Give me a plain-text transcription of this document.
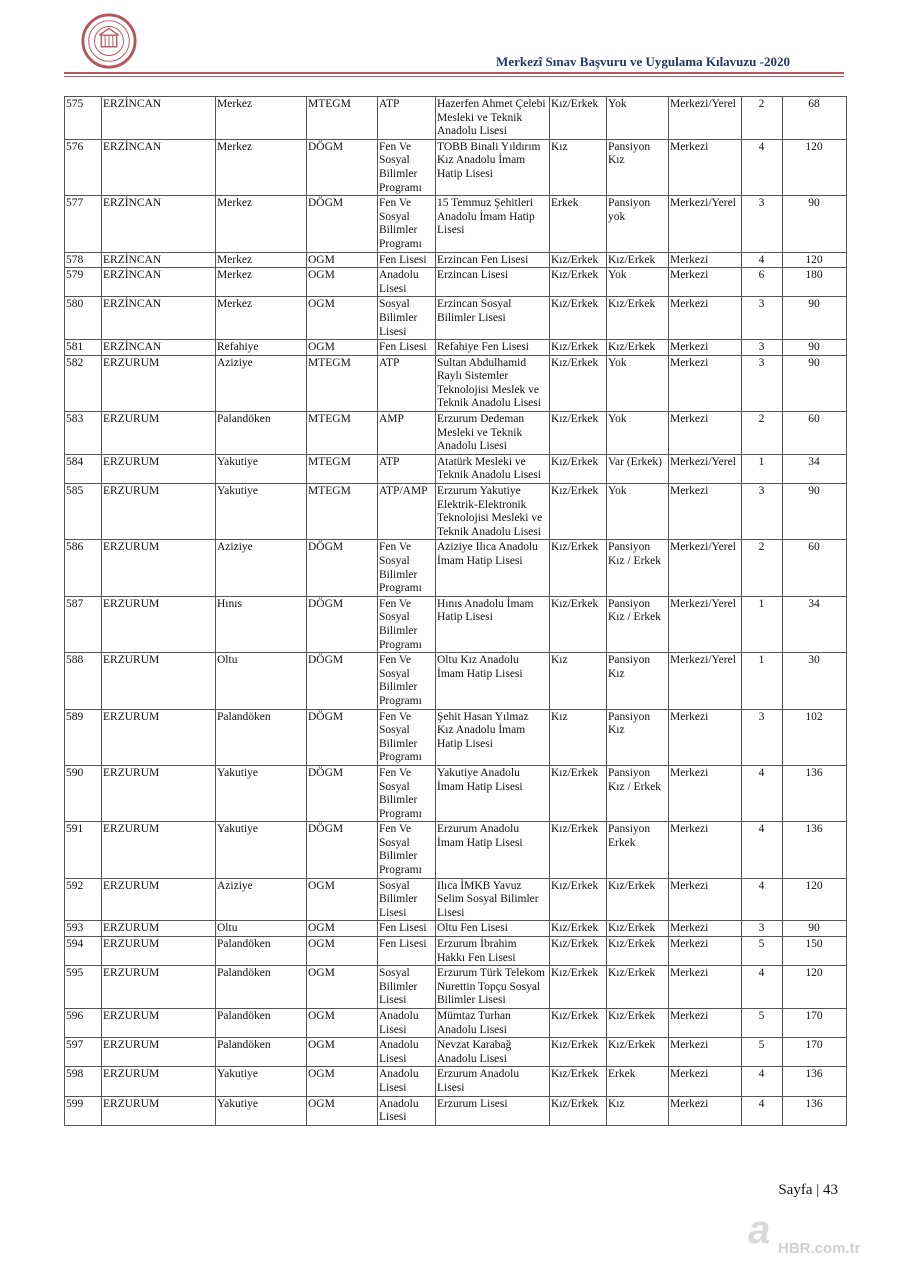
Merkezî Sınav Başvuru ve Uygulama Kılavuzu -2020
575	ERZİNCAN	Merkez	MTEGM	ATP	Hazerfen Ahmet Çelebi Mesleki ve Teknik Anadolu Lisesi	Kız/Erkek	Yok	Merkezi/Yerel	2	68
576	ERZİNCAN	Merkez	DÖGM	Fen Ve Sosyal Bilimler Programı	TOBB Binali Yıldırım Kız Anadolu İmam Hatip Lisesi	Kız	Pansiyon Kız	Merkezi	4	120
577	ERZİNCAN	Merkez	DÖGM	Fen Ve Sosyal Bilimler Programı	15 Temmuz Şehitleri Anadolu İmam Hatip Lisesi	Erkek	Pansiyon yok	Merkezi/Yerel	3	90
578	ERZİNCAN	Merkez	OGM	Fen Lisesi	Erzincan Fen Lisesi	Kız/Erkek	Kız/Erkek	Merkezi	4	120
579	ERZİNCAN	Merkez	OGM	Anadolu Lisesi	Erzincan Lisesi	Kız/Erkek	Yok	Merkezi	6	180
580	ERZİNCAN	Merkez	OGM	Sosyal Bilimler Lisesi	Erzincan Sosyal Bilimler Lisesi	Kız/Erkek	Kız/Erkek	Merkezi	3	90
581	ERZİNCAN	Refahiye	OGM	Fen Lisesi	Refahiye Fen Lisesi	Kız/Erkek	Kız/Erkek	Merkezi	3	90
582	ERZURUM	Aziziye	MTEGM	ATP	Sultan Abdulhamid Raylı Sistemler Teknolojisi Meslek ve Teknik Anadolu Lisesi	Kız/Erkek	Yok	Merkezi	3	90
583	ERZURUM	Palandöken	MTEGM	AMP	Erzurum Dedeman Mesleki ve Teknik Anadolu Lisesi	Kız/Erkek	Yok	Merkezi	2	60
584	ERZURUM	Yakutiye	MTEGM	ATP	Atatürk Mesleki ve Teknik Anadolu Lisesi	Kız/Erkek	Var (Erkek)	Merkezi/Yerel	1	34
585	ERZURUM	Yakutiye	MTEGM	ATP/AMP	Erzurum Yakutiye Elektrik-Elektronik Teknolojisi Mesleki ve Teknik Anadolu Lisesi	Kız/Erkek	Yok	Merkezi	3	90
586	ERZURUM	Aziziye	DÖGM	Fen Ve Sosyal Bilimler Programı	Aziziye Ilıca Anadolu İmam Hatip Lisesi	Kız/Erkek	Pansiyon Kız / Erkek	Merkezi/Yerel	2	60
587	ERZURUM	Hınıs	DÖGM	Fen Ve Sosyal Bilimler Programı	Hınıs Anadolu İmam Hatip Lisesi	Kız/Erkek	Pansiyon Kız / Erkek	Merkezi/Yerel	1	34
588	ERZURUM	Oltu	DÖGM	Fen Ve Sosyal Bilimler Programı	Oltu Kız Anadolu İmam Hatip Lisesi	Kız	Pansiyon Kız	Merkezi/Yerel	1	30
589	ERZURUM	Palandöken	DÖGM	Fen Ve Sosyal Bilimler Programı	Şehit Hasan Yılmaz Kız Anadolu İmam Hatip Lisesi	Kız	Pansiyon Kız	Merkezi	3	102
590	ERZURUM	Yakutiye	DÖGM	Fen Ve Sosyal Bilimler Programı	Yakutiye Anadolu İmam Hatip Lisesi	Kız/Erkek	Pansiyon Kız / Erkek	Merkezi	4	136
591	ERZURUM	Yakutiye	DÖGM	Fen Ve Sosyal Bilimler Programı	Erzurum Anadolu İmam Hatip Lisesi	Kız/Erkek	Pansiyon Erkek	Merkezi	4	136
592	ERZURUM	Aziziye	OGM	Sosyal Bilimler Lisesi	Ilıca İMKB Yavuz Selim Sosyal Bilimler Lisesi	Kız/Erkek	Kız/Erkek	Merkezi	4	120
593	ERZURUM	Oltu	OGM	Fen Lisesi	Oltu Fen Lisesi	Kız/Erkek	Kız/Erkek	Merkezi	3	90
594	ERZURUM	Palandöken	OGM	Fen Lisesi	Erzurum İbrahim Hakkı Fen Lisesi	Kız/Erkek	Kız/Erkek	Merkezi	5	150
595	ERZURUM	Palandöken	OGM	Sosyal Bilimler Lisesi	Erzurum Türk Telekom Nurettin Topçu Sosyal Bilimler Lisesi	Kız/Erkek	Kız/Erkek	Merkezi	4	120
596	ERZURUM	Palandöken	OGM	Anadolu Lisesi	Mümtaz Turhan Anadolu Lisesi	Kız/Erkek	Kız/Erkek	Merkezi	5	170
597	ERZURUM	Palandöken	OGM	Anadolu Lisesi	Nevzat Karabağ Anadolu Lisesi	Kız/Erkek	Kız/Erkek	Merkezi	5	170
598	ERZURUM	Yakutiye	OGM	Anadolu Lisesi	Erzurum Anadolu Lisesi	Kız/Erkek	Erkek	Merkezi	4	136
599	ERZURUM	Yakutiye	OGM	Anadolu Lisesi	Erzurum Lisesi	Kız/Erkek	Kız	Merkezi	4	136
Sayfa | 43
a HBR.com.tr
